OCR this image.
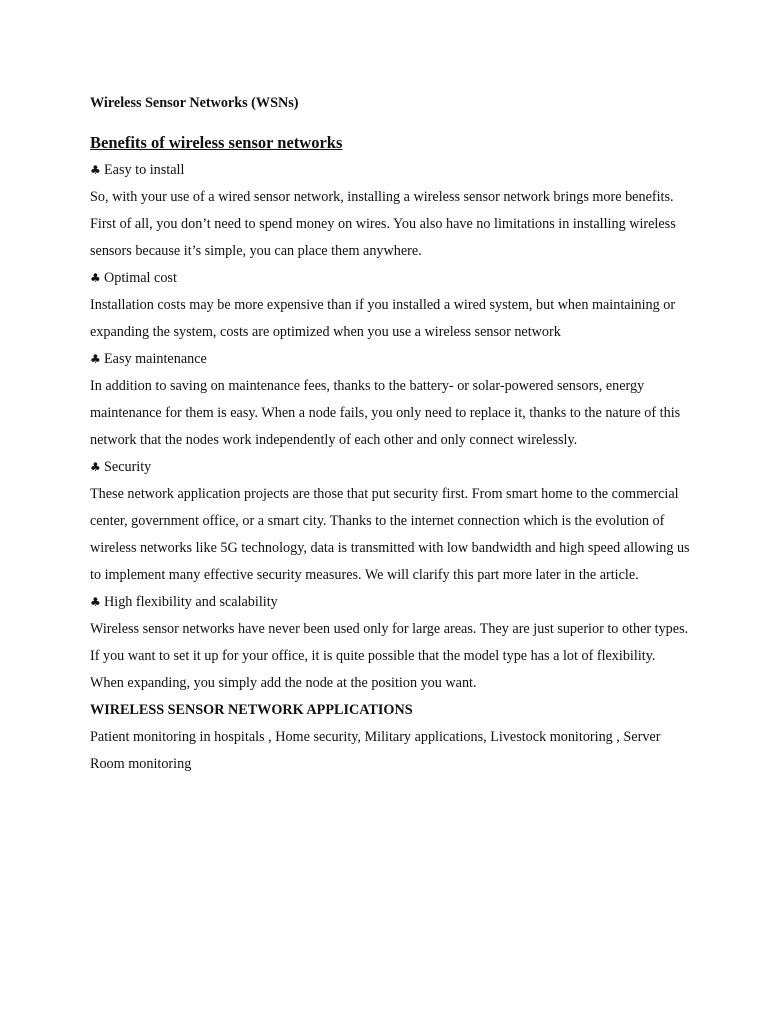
Wireless Sensor Networks (WSNs)

Benefits of wireless sensor networks

♣ Easy to install

So, with your use of a wired sensor network, installing a wireless sensor network brings more benefits. First of all, you don’t need to spend money on wires. You also have no limitations in installing wireless sensors because it’s simple, you can place them anywhere.

♣ Optimal cost

Installation costs may be more expensive than if you installed a wired system, but when maintaining or expanding the system, costs are optimized when you use a wireless sensor network

♣ Easy maintenance

In addition to saving on maintenance fees, thanks to the battery- or solar-powered sensors, energy maintenance for them is easy. When a node fails, you only need to replace it, thanks to the nature of this network that the nodes work independently of each other and only connect wirelessly.

♣ Security

These network application projects are those that put security first. From smart home to the commercial center, government office, or a smart city. Thanks to the internet connection which is the evolution of wireless networks like 5G technology, data is transmitted with low bandwidth and high speed allowing us to implement many effective security measures. We will clarify this part more later in the article.

♣ High flexibility and scalability

Wireless sensor networks have never been used only for large areas. They are just superior to other types. If you want to set it up for your office, it is quite possible that the model type has a lot of flexibility. When expanding, you simply add the node at the position you want.

WIRELESS SENSOR NETWORK APPLICATIONS

Patient monitoring in hospitals , Home security, Military applications, Livestock monitoring , Server

Room monitoring
